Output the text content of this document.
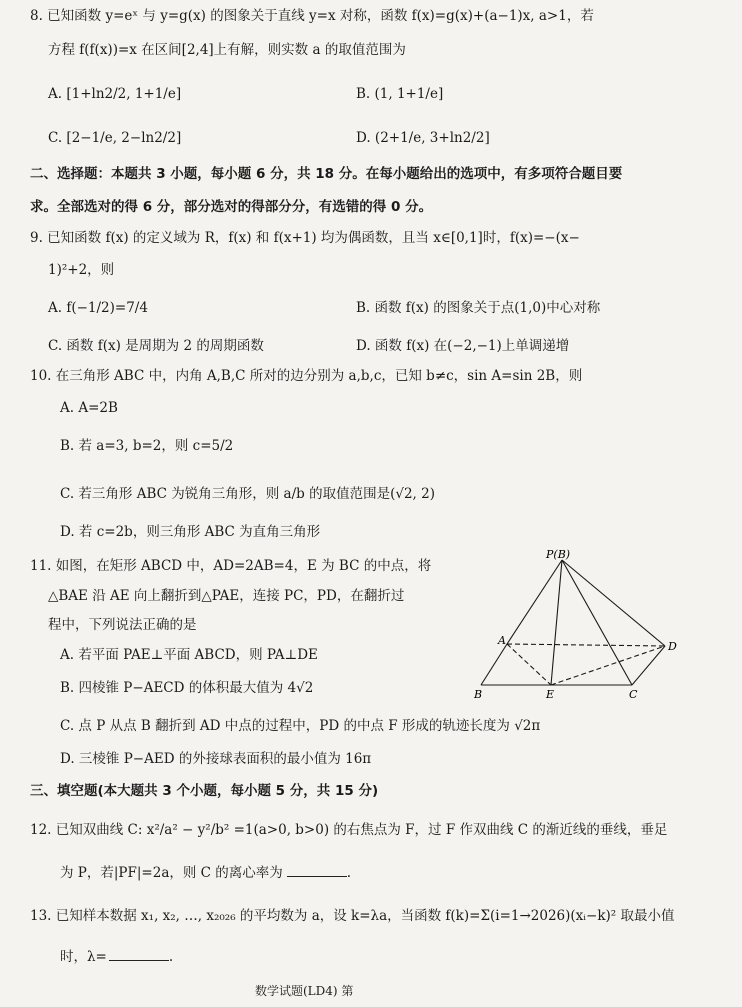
8. 已知函数 y=eˣ 与 y=g(x) 的图象关于直线 y=x 对称，函数 f(x)=g(x)+(a−1)x, a>1，若
方程 f(f(x))=x 在区间[2,4]上有解，则实数 a 的取值范围为
A. [1+ln2/2, 1+1/e]	B. (1, 1+1/e]
C. [2−1/e, 2−ln2/2]	D. (2+1/e, 3+ln2/2]
二、选择题：本题共 3 小题，每小题 6 分，共 18 分。在每小题给出的选项中，有多项符合题目要
求。全部选对的得 6 分，部分选对的得部分分，有选错的得 0 分。
9. 已知函数 f(x) 的定义域为 R，f(x) 和 f(x+1) 均为偶函数，且当 x∈[0,1]时，f(x)=−(x−
1)²+2，则
A. f(−1/2)=7/4	B. 函数 f(x) 的图象关于点(1,0)中心对称
C. 函数 f(x) 是周期为 2 的周期函数	D. 函数 f(x) 在(−2,−1)上单调递增
10. 在三角形 ABC 中，内角 A,B,C 所对的边分别为 a,b,c，已知 b≠c，sin A=sin 2B，则
A. A=2B
B. 若 a=3, b=2，则 c=5/2
C. 若三角形 ABC 为锐角三角形，则 a/b 的取值范围是(√2, 2)
D. 若 c=2b，则三角形 ABC 为直角三角形
11. 如图，在矩形 ABCD 中，AD=2AB=4，E 为 BC 的中点，将
△BAE 沿 AE 向上翻折到△PAE，连接 PC，PD，在翻折过
程中，下列说法正确的是
A. 若平面 PAE⊥平面 ABCD，则 PA⊥DE
B. 四棱锥 P−AECD 的体积最大值为 4√2
C. 点 P 从点 B 翻折到 AD 中点的过程中，PD 的中点 F 形成的轨迹长度为 √2π
D. 三棱锥 P−AED 的外接球表面积的最小值为 16π
P(B)
A
B	E	C
D
三、填空题(本大题共 3 个小题，每小题 5 分，共 15 分)
12. 已知双曲线 C: x²/a² − y²/b² =1(a>0, b>0) 的右焦点为 F，过 F 作双曲线 C 的渐近线的垂线，垂足
为 P，若|PF|=2a，则 C 的离心率为	.
13. 已知样本数据 x₁, x₂, …, x₂₀₂₆ 的平均数为 a，设 k=λa，当函数 f(k)=Σ(i=1→2026)(xᵢ−k)² 取最小值
时，λ=	.
数学试题(LD4) 第
